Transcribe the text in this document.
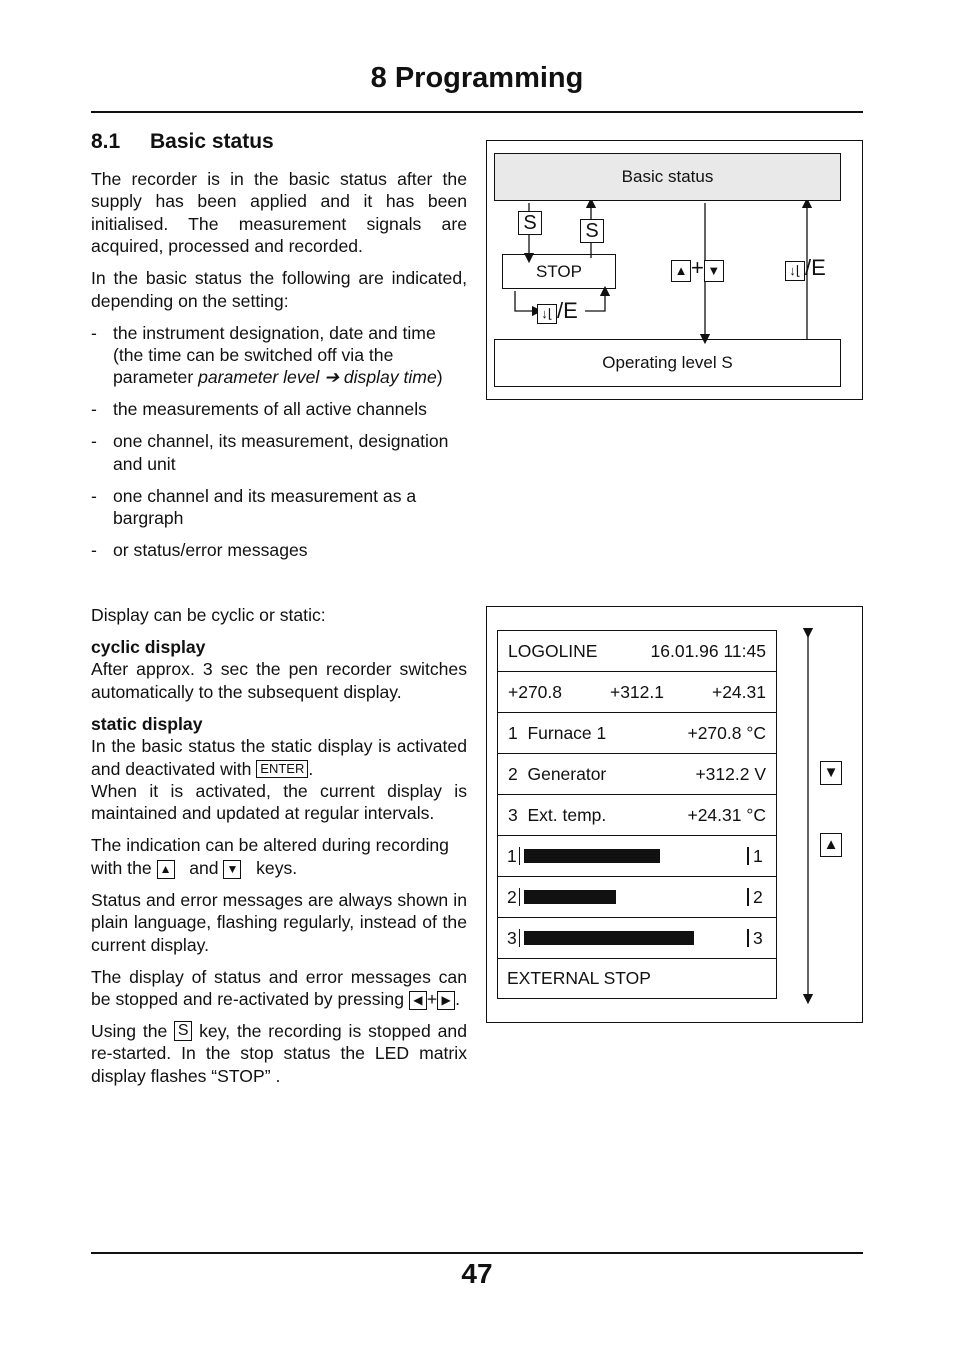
8 Programming
8.1 Basic status

The recorder is in the basic status after the supply has been applied and it has been initialised. The measurement signals are acquired, processed and recorded.

In the basic status the following are indicated, depending on the setting:

- the instrument designation, date and time (the time can be switched off via the parameter parameter level ➔ display time)
- the measurements of all active channels
- one channel, its measurement, designation and unit
- one channel and its measurement as a bargraph
- or status/error messages

Display can be cyclic or static:

cyclic display

After approx. 3 sec the pen recorder switches automatically to the subsequent display.

static display

In the basic status the static display is activated and deactivated with ENTER .

When it is activated, the current display is maintained and updated at regular intervals.

The indication can be altered during recording with the ▲ and ▼ keys.

Status and error messages are always shown in plain language, flashing regularly, instead of the current display.

The display of status and error messages can be stopped and re-activated by pressing ◀ + ▶ .

Using the S key, the recording is stopped and re-started. In the stop status the LED matrix display flashes “STOP” .

Basic status
S S
STOP
↓⌊ /E
▲ + ▼	↓⌊ /E
Operating level S
LOGOLINE	16.01.96 11:45
+270.8	+312.1	+24.31
1 Furnace 1	+270.8 °C
2 Generator	+312.2 V
3 Ext. temp.	+24.31 °C
1	1
2	2
3	3
EXTERNAL STOP
▼
▲
47
